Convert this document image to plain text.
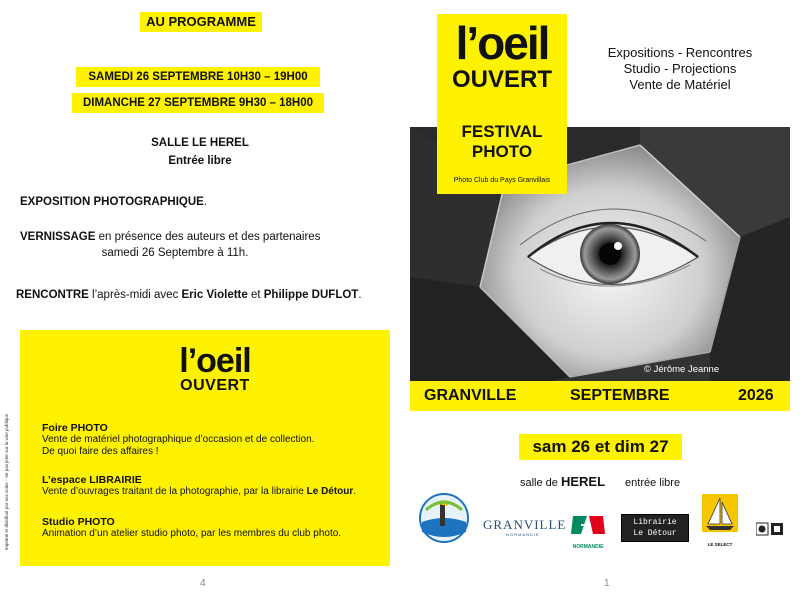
AU PROGRAMME
SAMEDI 26 SEPTEMBRE 10H30 – 19H00
DIMANCHE 27 SEPTEMBRE 9H30 – 18H00
SALLE LE HEREL
Entrée libre
EXPOSITION PHOTOGRAPHIQUE.
VERNISSAGE en présence des auteurs et des partenaires
samedi 26 Septembre à 11h.
RENCONTRE l’après-midi avec Eric Violette et Philippe DUFLOT.
Imprimé et distribué par nos soins – ne pas jeter sur la voie publique
l’oeil
OUVERT
Foire PHOTO
Vente de matériel photographique d’occasion et de collection.
De quoi faire des affaires !
L’espace LIBRAIRIE
Vente d’ouvrages traitant de la photographie, par la librairie Le Détour.
Studio PHOTO
Animation d’un atelier studio photo, par les membres du club photo.
4
l’oeil
OUVERT
FESTIVAL
PHOTO
Photo Club du Pays Granvillais
Expositions - Rencontres
Studio - Projections
Vente de Matériel
© Jérôme Jeanne
GRANVILLE	SEPTEMBRE	2026
sam 26 et dim 27
salle de HEREL entrée libre
GRANVILLE
NORMANDIE
NORMANDIE
Librairie
Le Détour
LE SELECT
1
